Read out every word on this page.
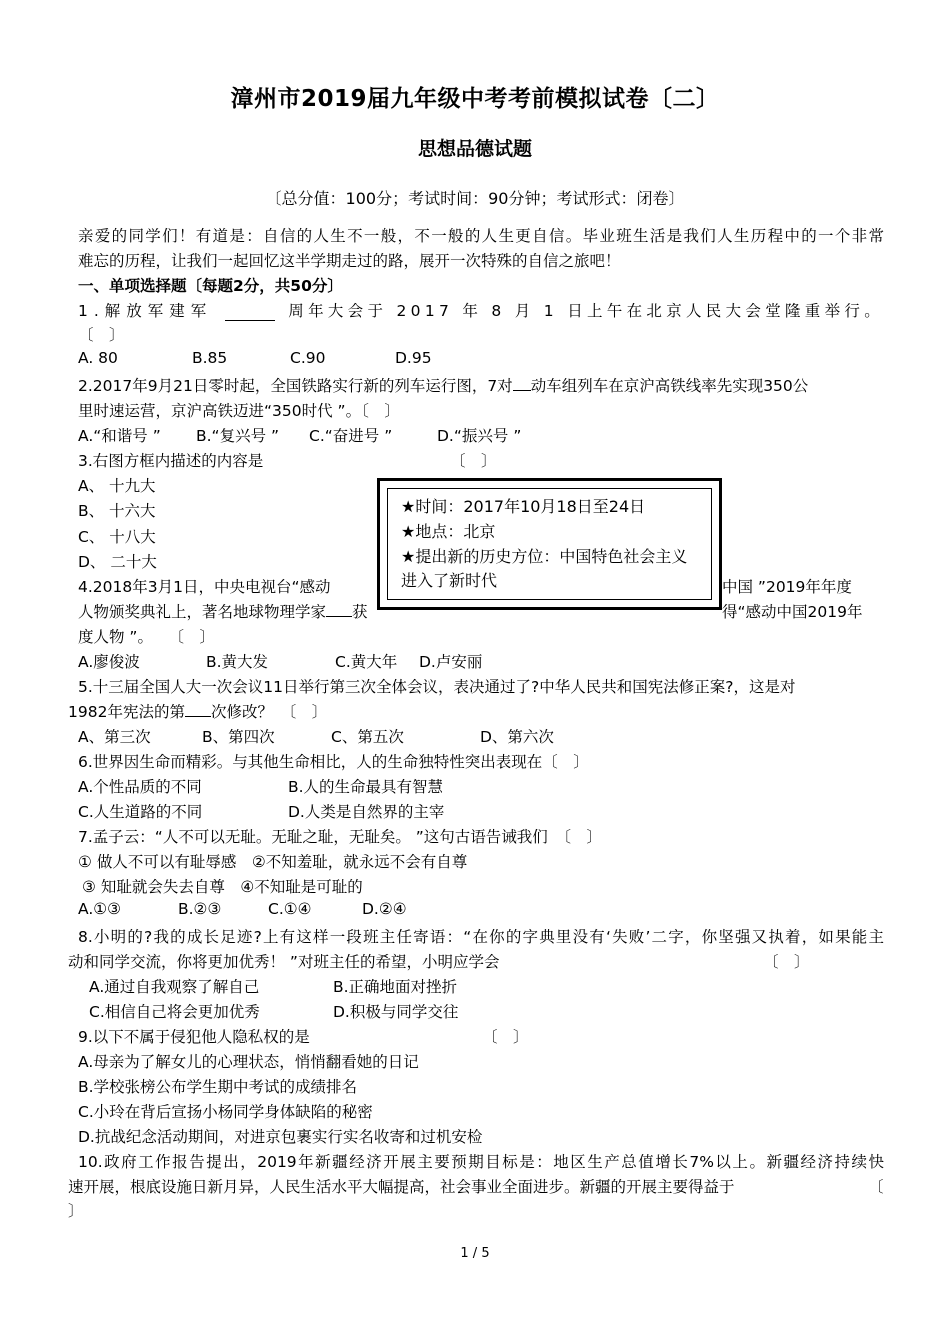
漳州市2019届九年级中考考前模拟试卷〔二〕
思想品德试题
〔总分值：100分；考试时间：90分钟；考试形式：闭卷〕
亲爱的同学们！有道是：自信的人生不一般，不一般的人生更自信。毕业班生活是我们人生历程中的一个非常
难忘的历程，让我们一起回忆这半学期走过的路，展开一次特殊的自信之旅吧！
一、单项选择题〔每题2分，共50分〕
1.解放军建军	周年大会于 2017 年 8 月 1 日上午在北京人民大会堂隆重举行。
〔　〕
A. 80	B.85	C.90	D.95
2.2017年9月21日零时起，全国铁路实行新的列车运行图，7对 动车组列车在京沪高铁线率先实现350公
里时速运营，京沪高铁迈进“350时代 ”。〔　〕
A.“和谐号 ” B.“复兴号 ” C.“奋进号 ”	D.“振兴号 ”
3.右图方框内描述的内容是	〔　〕
A、 十九大
B、 十六大
C、 十八大
D、 二十大
4.2018年3月1日，中央电视台“感动	中国 ”2019年年度
人物颁奖典礼上，著名地球物理学家 获	得“感动中国2019年
度人物 ”。　　〔　〕
A.廖俊波	B.黄大发	C.黄大年 D.卢安丽
★时间：2017年10月18日至24日
★地点：北京
★提出新的历史方位：中国特色社会主义
进入了新时代
5.十三届全国人大一次会议11日举行第三次全体会议，表决通过了?中华人民共和国宪法修正案?，这是对
1982年宪法的第 次修改？　〔　〕
A、第三次	B、第四次	C、第五次	D、第六次
6.世界因生命而精彩。与其他生命相比，人的生命独特性突出表现在〔　〕
A.个性品质的不同	B.人的生命最具有智慧
C.人生道路的不同	D.人类是自然界的主宰
7.孟子云：“人不可以无耻。无耻之耻，无耻矣。 ”这句古语告诫我们　〔　〕
① 做人不可以有耻辱感　②不知羞耻，就永远不会有自尊
③ 知耻就会失去自尊　④不知耻是可耻的
A.①③	B.②③	C.①④	D.②④
8.小明的?我的成长足迹?上有这样一段班主任寄语：“在你的字典里没有‘失败’二字，你坚强又执着，如果能主
动和同学交流，你将更加优秀！ ”对班主任的希望，小明应学会	〔　〕
A.通过自我观察了解自己	B.正确地面对挫折
C.相信自己将会更加优秀	D.积极与同学交往
9.以下不属于侵犯他人隐私权的是	〔　〕
A.母亲为了解女儿的心理状态，悄悄翻看她的日记
B.学校张榜公布学生期中考试的成绩排名
C.小玲在背后宣扬小杨同学身体缺陷的秘密
D.抗战纪念活动期间，对进京包裹实行实名收寄和过机安检
10.政府工作报告提出，2019年新疆经济开展主要预期目标是：地区生产总值增长7%以上。新疆经济持续快
速开展，根底设施日新月异，人民生活水平大幅提高，社会事业全面进步。新疆的开展主要得益于	〔
〕
1 / 5
